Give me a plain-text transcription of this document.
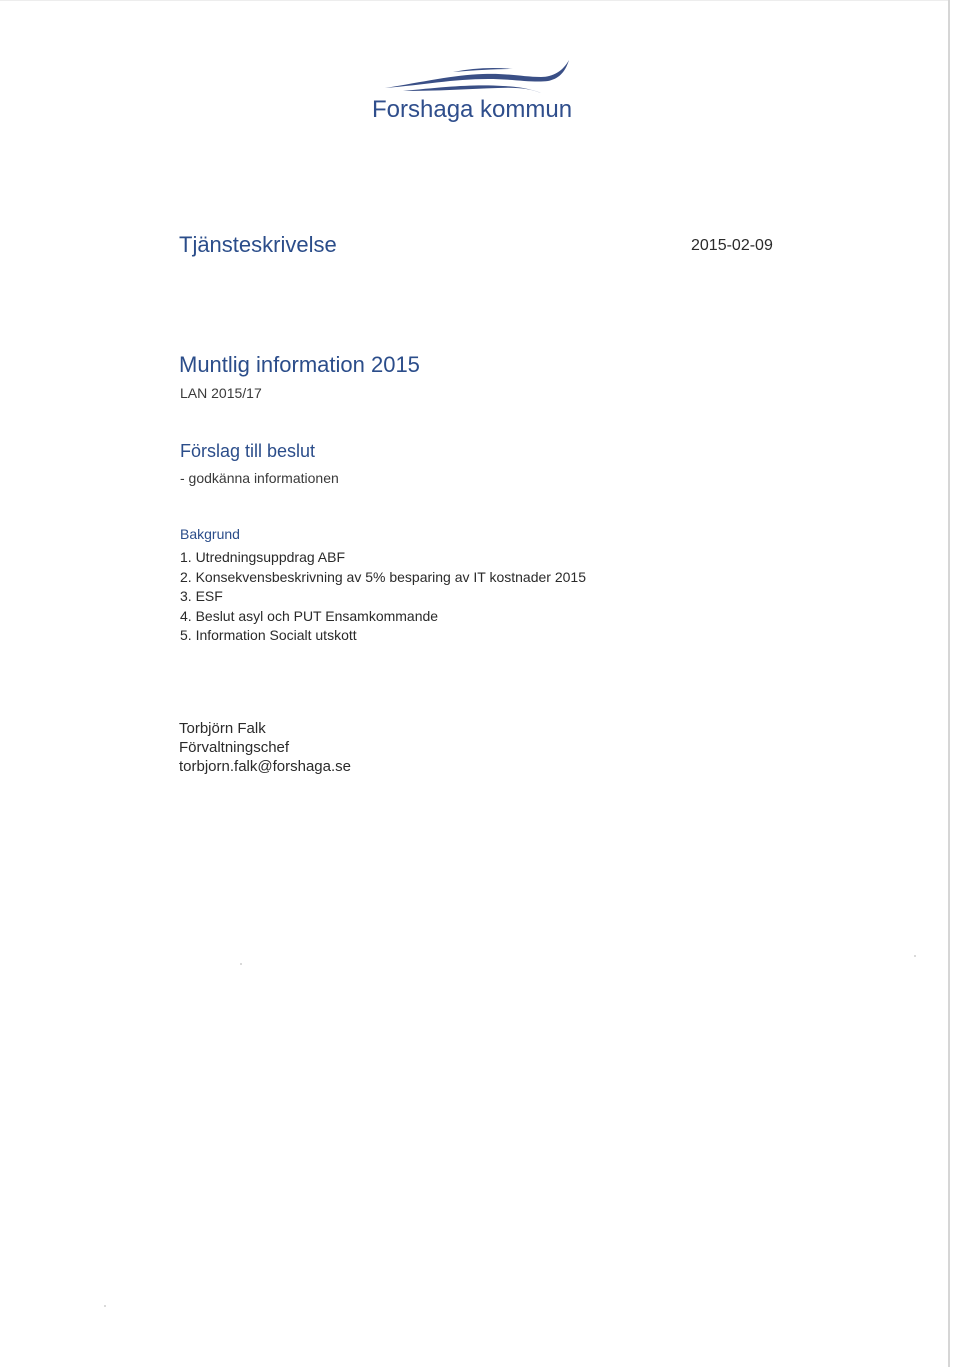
Forshaga kommun
Tjänsteskrivelse	2015-02-09
Muntlig information 2015
LAN 2015/17
Förslag till beslut
- godkänna informationen
Bakgrund
1. Utredningsuppdrag ABF
2. Konsekvensbeskrivning av 5% besparing av IT kostnader 2015
3. ESF
4. Beslut asyl och PUT Ensamkommande
5. Information Socialt utskott
Torbjörn Falk
Förvaltningschef
torbjorn.falk@forshaga.se
